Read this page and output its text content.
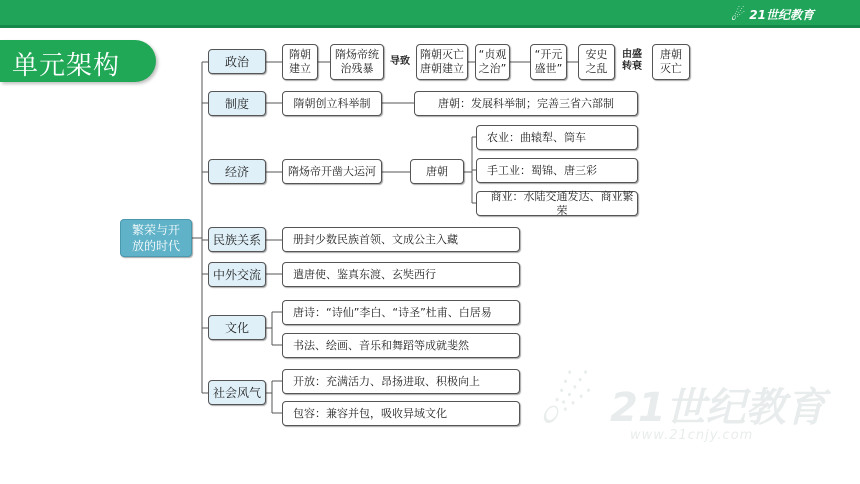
☄ 21世纪教育
单元架构
繁荣与开放的时代
政治
制度
经济
民族关系
中外交流
文化
社会风气
隋朝建立
隋炀帝统治残暴
导致
隋朝灭亡唐朝建立
“贞观之治”
“开元盛世”
安史之乱
由盛转衰
唐朝灭亡
隋朝创立科举制	唐朝：发展科举制；完善三省六部制
隋炀帝开凿大运河	唐朝
农业：曲辕犁、筒车
手工业：蜀锦、唐三彩
商业：水陆交通发达、商业繁荣
册封少数民族首领、文成公主入藏
遣唐使、鉴真东渡、玄奘西行
唐诗：“诗仙”李白、“诗圣”杜甫、白居易
书法、绘画、音乐和舞蹈等成就斐然
开放：充满活力、昂扬进取、积极向上
包容：兼容并包，吸收异域文化 ☄ 21世纪教育
www.21cnjy.com
